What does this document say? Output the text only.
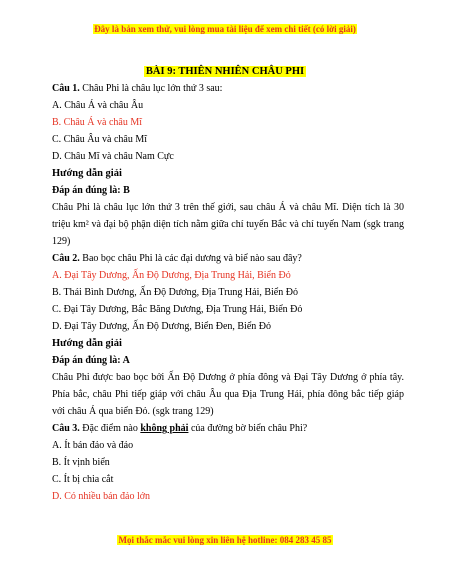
Đây là bản xem thử, vui lòng mua tài liệu để xem chi tiết (có lời giải)
BÀI 9: THIÊN NHIÊN CHÂU PHI
Câu 1. Châu Phi là châu lục lớn thứ 3 sau:
A. Châu Á và châu Âu
B. Châu Á và châu Mĩ
C. Châu Âu và châu Mĩ
D. Châu Mĩ và châu Nam Cực
Hướng dẫn giải
Đáp án đúng là: B
Châu Phi là châu lục lớn thứ 3 trên thế giới, sau châu Á và châu Mĩ. Diện tích là 30 triệu km² và đại bộ phận diện tích nằm giữa chí tuyến Bắc và chí tuyến Nam (sgk trang 129)
Câu 2. Bao bọc châu Phi là các đại dương và biể nào sau đây?
A. Đại Tây Dương, Ấn Độ Dương, Địa Trung Hải, Biển Đỏ
B. Thái Bình Dương, Ấn Độ Dương, Địa Trung Hải, Biển Đỏ
C. Đại Tây Dương, Bắc Băng Dương, Địa Trung Hải, Biển Đỏ
D. Đại Tây Dương, Ấn Độ Dương, Biển Đen, Biển Đỏ
Hướng dẫn giải
Đáp án đúng là: A
Châu Phi được bao bọc bởi Ấn Độ Dương ở phía đông và Đại Tây Dương ở phía tây. Phía bắc, châu Phi tiếp giáp với châu Âu qua Địa Trung Hải, phía đông bắc tiếp giáp với châu Á qua biển Đỏ. (sgk trang 129)
Câu 3. Đặc điểm nào không phải của đường bờ biển châu Phi?
A. Ít bán đảo và đảo
B. Ít vịnh biển
C. Ít bị chia cắt
D. Có nhiều bán đảo lớn
Mọi thắc mắc vui lòng xin liên hệ hotline: 084 283 45 85
